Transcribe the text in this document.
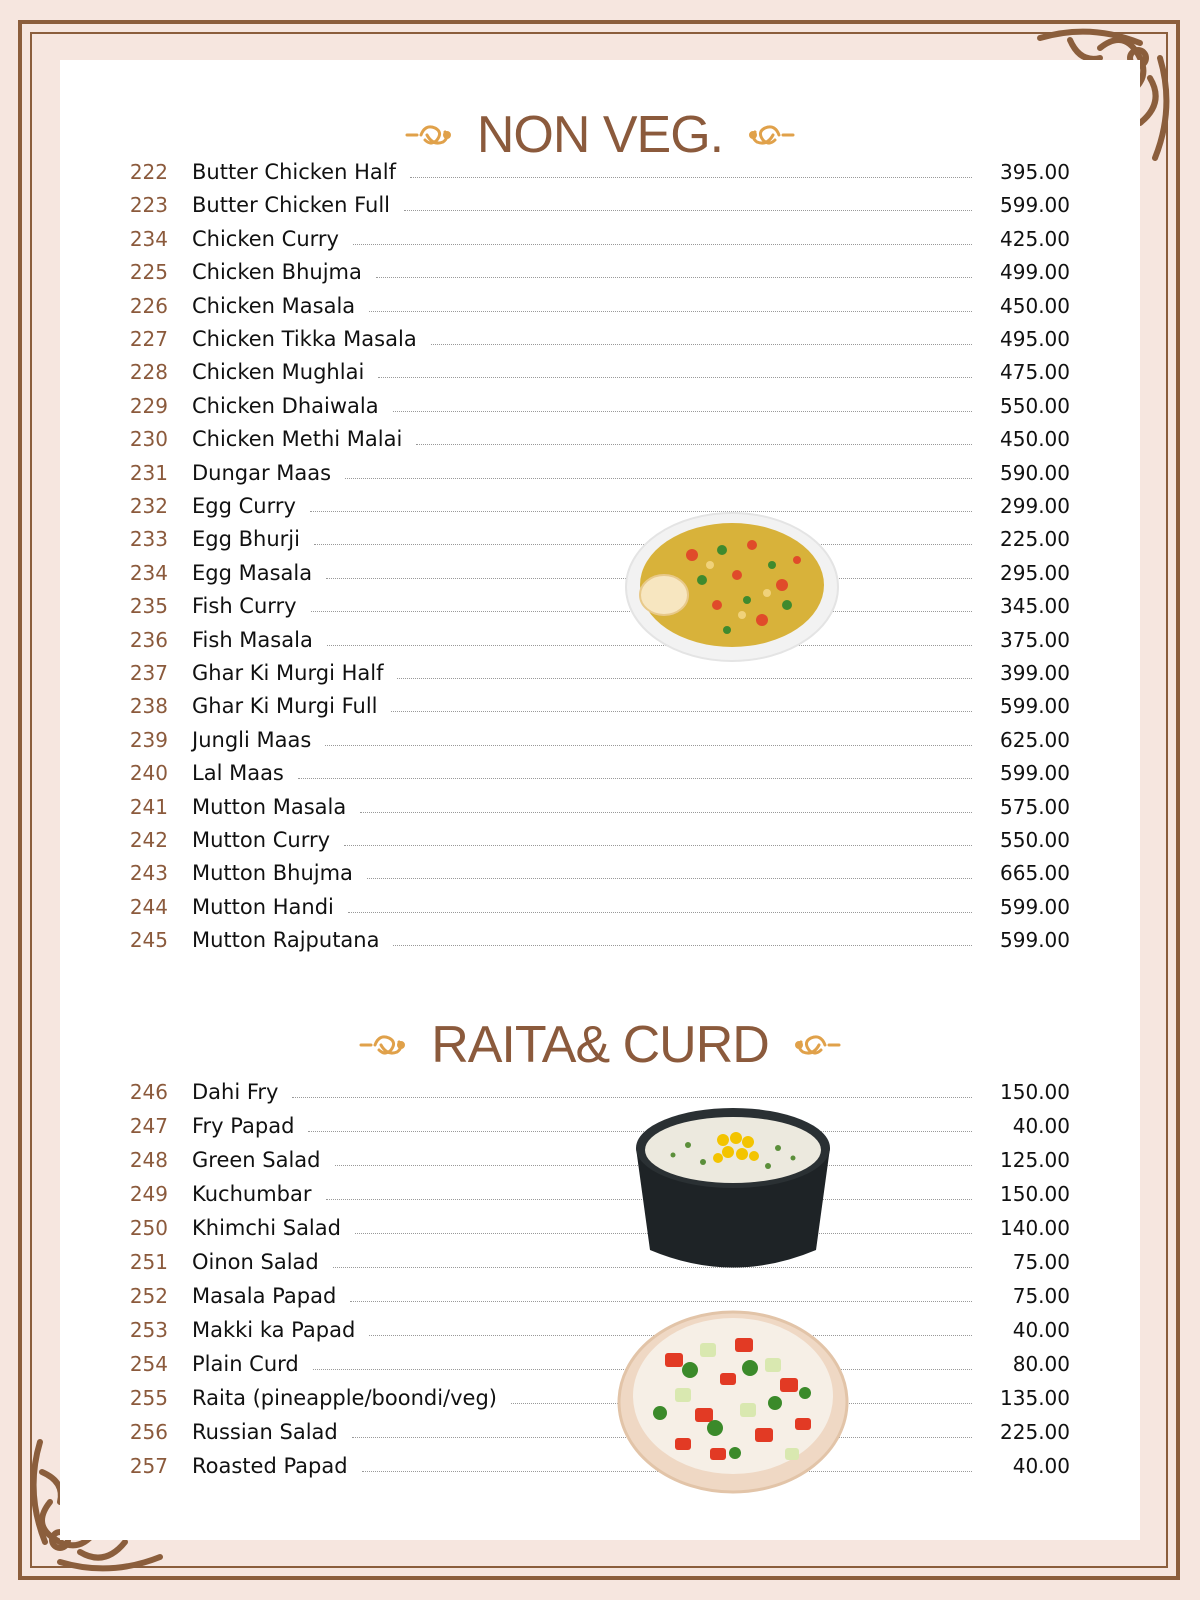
NON VEG.
222 Butter Chicken Half	395.00
223 Butter Chicken Full	599.00
234 Chicken Curry	425.00
225 Chicken Bhujma	499.00
226 Chicken Masala	450.00
227 Chicken Tikka Masala	495.00
228 Chicken Mughlai	475.00
229 Chicken Dhaiwala	550.00
230 Chicken Methi Malai	450.00
231 Dungar Maas	590.00
232 Egg Curry	299.00
233 Egg Bhurji	225.00
234 Egg Masala	295.00
235 Fish Curry	345.00
236 Fish Masala	375.00
237 Ghar Ki Murgi Half	399.00
238 Ghar Ki Murgi Full	599.00
239 Jungli Maas	625.00
240 Lal Maas	599.00
241 Mutton Masala	575.00
242 Mutton Curry	550.00
243 Mutton Bhujma	665.00
244 Mutton Handi	599.00
245 Mutton Rajputana	599.00
RAITA& CURD
246 Dahi Fry	150.00
247 Fry Papad	40.00
248 Green Salad	125.00
249 Kuchumbar	150.00
250 Khimchi Salad	140.00
251 Oinon Salad	75.00
252 Masala Papad	75.00
253 Makki ka Papad	40.00
254 Plain Curd	80.00
255 Raita (pineapple/boondi/veg)	135.00
256 Russian Salad	225.00
257 Roasted Papad	40.00
